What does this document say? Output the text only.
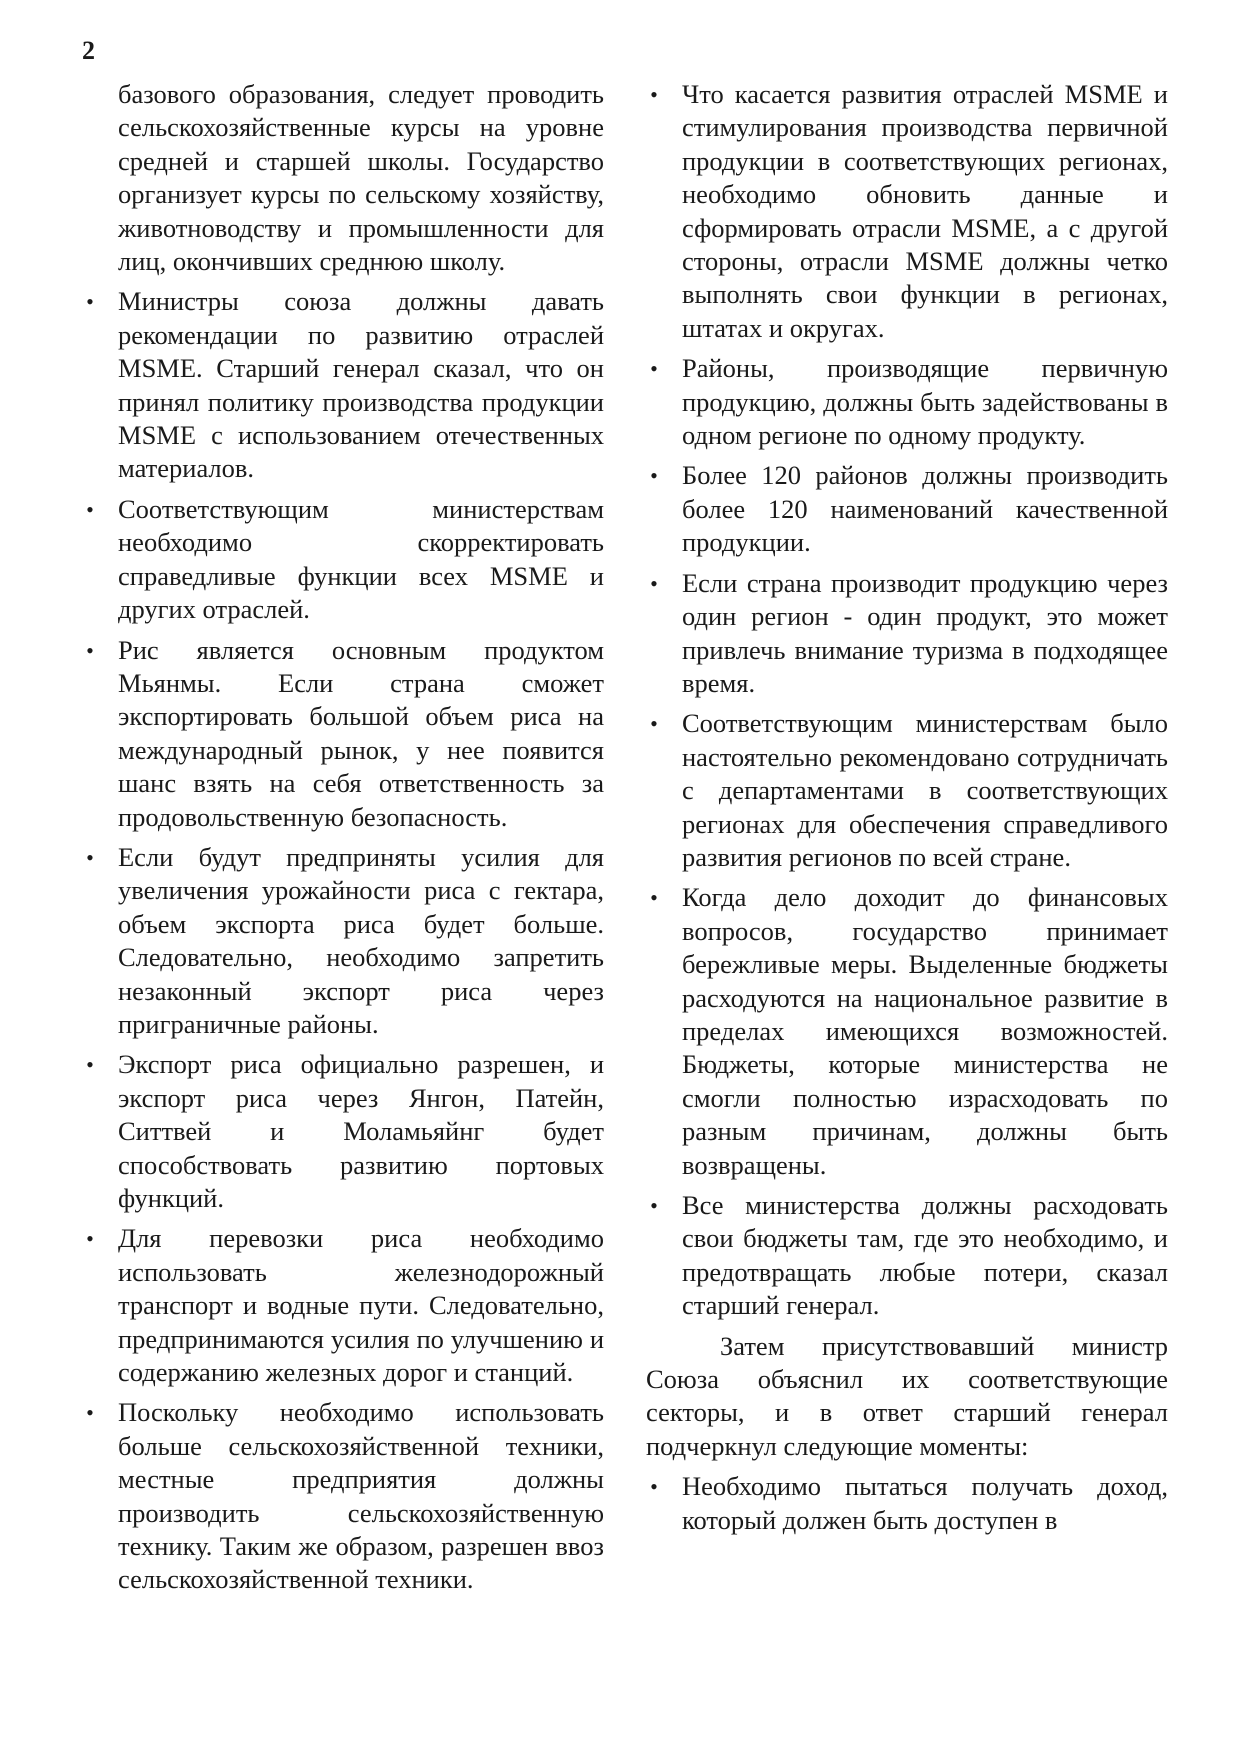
2

базового образования, следует проводить сельскохозяйственные курсы на уровне средней и старшей школы. Государство организует курсы по сельскому хозяйству, животноводству и промышленности для лиц, окончивших среднюю школу.

• Министры союза должны давать рекомендации по развитию отраслей MSME. Старший генерал сказал, что он принял политику производства продукции MSME с использованием отечественных материалов.
• Соответствующим министерствам необходимо скорректировать справедливые функции всех MSME и других отраслей.
• Рис является основным продуктом Мьянмы. Если страна сможет экспортировать большой объем риса на международный рынок, у нее появится шанс взять на себя ответственность за продовольственную безопасность.
• Если будут предприняты усилия для увеличения урожайности риса с гектара, объем экспорта риса будет больше. Следовательно, необходимо запретить незаконный экспорт риса через приграничные районы.
• Экспорт риса официально разрешен, и экспорт риса через Янгон, Патейн, Ситтвей и Моламьяйнг будет способствовать развитию портовых функций.
• Для перевозки риса необходимо использовать железнодорожный транспорт и водные пути. Следовательно, предпринимаются усилия по улучшению и содержанию железных дорог и станций.
• Поскольку необходимо использовать больше сельскохозяйственной техники, местные предприятия должны производить сельскохозяйственную технику. Таким же образом, разрешен ввоз сельскохозяйственной техники.
• Что касается развития отраслей MSME и стимулирования производства первичной продукции в соответствующих регионах, необходимо обновить данные и сформировать отрасли MSME, а с другой стороны, отрасли MSME должны четко выполнять свои функции в регионах, штатах и округах.
• Районы, производящие первичную продукцию, должны быть задействованы в одном регионе по одному продукту.
• Более 120 районов должны производить более 120 наименований качественной продукции.
• Если страна производит продукцию через один регион - один продукт, это может привлечь внимание туризма в подходящее время.
• Соответствующим министерствам было настоятельно рекомендовано сотрудничать с департаментами в соответствующих регионах для обеспечения справедливого развития регионов по всей стране.
• Когда дело доходит до финансовых вопросов, государство принимает бережливые меры. Выделенные бюджеты расходуются на национальное развитие в пределах имеющихся возможностей. Бюджеты, которые министерства не смогли полностью израсходовать по разным причинам, должны быть возвращены.
• Все министерства должны расходовать свои бюджеты там, где это необходимо, и предотвращать любые потери, сказал старший генерал.

Затем присутствовавший министр Союза объяснил их соответствующие секторы, и в ответ старший генерал подчеркнул следующие моменты:

• Необходимо пытаться получать доход, который должен быть доступен в
